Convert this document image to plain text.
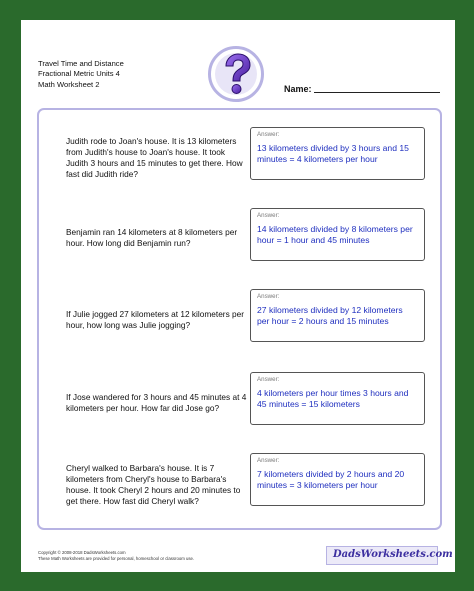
Travel Time and Distance
Fractional Metric Units 4
Math Worksheet 2	Name:
Judith rode to Joan's house. It is 13 kilometers from Judith's house to Joan's house. It took Judith 3 hours and 15 minutes to get there. How fast did Judith ride?
Answer:
13 kilometers divided by 3 hours and 15 minutes = 4 kilometers per hour
Benjamin ran 14 kilometers at 8 kilometers per hour. How long did Benjamin run?
Answer:
14 kilometers divided by 8 kilometers per hour = 1 hour and 45 minutes
If Julie jogged 27 kilometers at 12 kilometers per hour, how long was Julie jogging?
Answer:
27 kilometers divided by 12 kilometers per hour = 2 hours and 15 minutes
If Jose wandered for 3 hours and 45 minutes at 4 kilometers per hour. How far did Jose go?
Answer:
4 kilometers per hour times 3 hours and 45 minutes = 15 kilometers
Cheryl walked to Barbara's house. It is 7 kilometers from Cheryl's house to Barbara's house. It took Cheryl 2 hours and 20 minutes to get there. How fast did Cheryl walk?
Answer:
7 kilometers divided by 2 hours and 20 minutes = 3 kilometers per hour
Copyright © 2008-2018 DadsWorksheets.com
These Math Worksheets are provided for personal, homeschool or classroom use.	DadsWorksheets.com
